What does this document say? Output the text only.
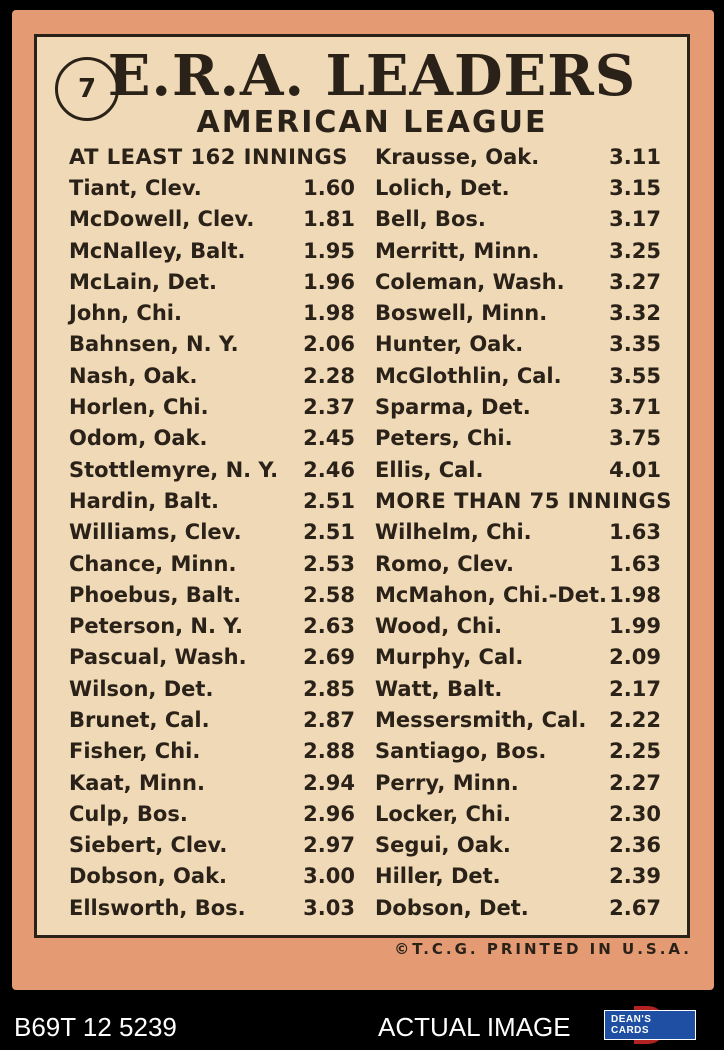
7 E.R.A. LEADERS
AMERICAN LEAGUE
AT LEAST 162 INNINGS
Tiant, Clev.	1.60
McDowell, Clev. 1.81
McNalley, Balt.	1.95
McLain, Det.	1.96
John, Chi.	1.98
Bahnsen, N. Y.	2.06
Nash, Oak.	2.28
Horlen, Chi.	2.37
Odom, Oak.	2.45
Stottlemyre, N. Y. 2.46
Hardin, Balt.	2.51
Williams, Clev.	2.51
Chance, Minn.	2.53
Phoebus, Balt.	2.58
Peterson, N. Y.	2.63
Pascual, Wash.	2.69
Wilson, Det.	2.85
Brunet, Cal.	2.87
Fisher, Chi.	2.88
Kaat, Minn.	2.94
Culp, Bos.	2.96
Siebert, Clev.	2.97
Dobson, Oak.	3.00
Ellsworth, Bos.	3.03
Krausse, Oak.	3.11
Lolich, Det.	3.15
Bell, Bos.	3.17
Merritt, Minn.	3.25
Coleman, Wash. 3.27
Boswell, Minn.	3.32
Hunter, Oak.	3.35
McGlothlin, Cal. 3.55
Sparma, Det.	3.71
Peters, Chi.	3.75
Ellis, Cal.	4.01
MORE THAN 75 INNINGS
Wilhelm, Chi.	1.63
Romo, Clev.	1.63
McMahon, Chi.-Det. 1.98
Wood, Chi.	1.99
Murphy, Cal.	2.09
Watt, Balt.	2.17
Messersmith, Cal. 2.22
Santiago, Bos.	2.25
Perry, Minn.	2.27
Locker, Chi.	2.30
Segui, Oak.	2.36
Hiller, Det.	2.39
Dobson, Det.	2.67
©T.C.G. PRINTED IN U.S.A.
B69T 12 5239	ACTUAL IMAGE	DEAN'S CARDS
